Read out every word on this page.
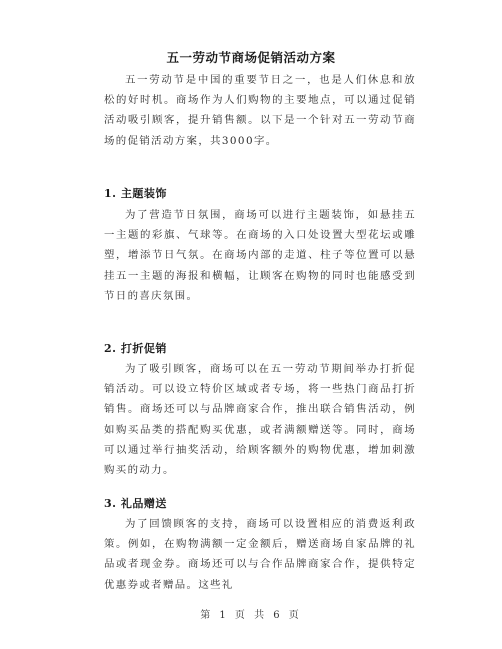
五一劳动节商场促销活动方案

五一劳动节是中国的重要节日之一，也是人们休息和放松的好时机。商场作为人们购物的主要地点，可以通过促销活动吸引顾客，提升销售额。以下是一个针对五一劳动节商场的促销活动方案，共3000字。

1. 主题装饰

为了营造节日氛围，商场可以进行主题装饰，如悬挂五一主题的彩旗、气球等。在商场的入口处设置大型花坛或雕塑，增添节日气氛。在商场内部的走道、柱子等位置可以悬挂五一主题的海报和横幅，让顾客在购物的同时也能感受到节日的喜庆氛围。

2. 打折促销

为了吸引顾客，商场可以在五一劳动节期间举办打折促销活动。可以设立特价区域或者专场，将一些热门商品打折销售。商场还可以与品牌商家合作，推出联合销售活动，例如购买品类的搭配购买优惠，或者满额赠送等。同时，商场可以通过举行抽奖活动，给顾客额外的购物优惠，增加刺激购买的动力。

3. 礼品赠送

为了回馈顾客的支持，商场可以设置相应的消费返利政策。例如，在购物满额一定金额后，赠送商场自家品牌的礼品或者现金券。商场还可以与合作品牌商家合作，提供特定优惠券或者赠品。这些礼

第 1 页 共 6 页
